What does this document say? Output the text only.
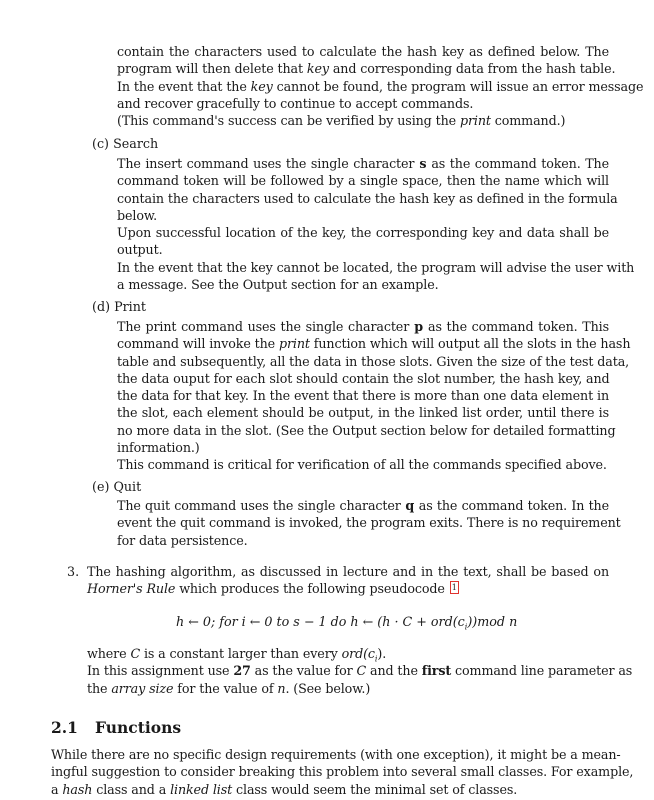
contain the characters used to calculate the hash key as defined below. The
program will then delete that key and corresponding data from the hash table.
In the event that the key cannot be found, the program will issue an error message
and recover gracefully to continue to accept commands.
(This command's success can be verified by using the print command.)
(c) Search
The insert command uses the single character s as the command token. The
command token will be followed by a single space, then the name which will
contain the characters used to calculate the hash key as defined in the formula
below.
Upon successful location of the key, the corresponding key and data shall be
output.
In the event that the key cannot be located, the program will advise the user with
a message. See the Output section for an example.
(d) Print
The print command uses the single character p as the command token. This
command will invoke the print function which will output all the slots in the hash
table and subsequently, all the data in those slots. Given the size of the test data,
the data ouput for each slot should contain the slot number, the hash key, and
the data for that key. In the event that there is more than one data element in
the slot, each element should be output, in the linked list order, until there is
no more data in the slot. (See the Output section below for detailed formatting
information.)
This command is critical for verification of all the commands specified above.
(e) Quit
The quit command uses the single character q as the command token. In the
event the quit command is invoked, the program exits. There is no requirement
for data persistence.
3. The hashing algorithm, as discussed in lecture and in the text, shall be based on
Horner's Rule which produces the following pseudocode 1
h ← 0; for i ← 0 to s − 1 do h ← $(h \cdot C + ord(c_i))mod$ n
where C is a constant larger than every $ord(c_i)$.
In this assignment use 27 as the value for C and the first command line parameter as
the array size for the value of n. (See below.)
2.1 Functions
While there are no specific design requirements (with one exception), it might be a mean-
ingful suggestion to consider breaking this problem into several small classes. For example,
a hash class and a linked list class would seem the minimal set of classes.
